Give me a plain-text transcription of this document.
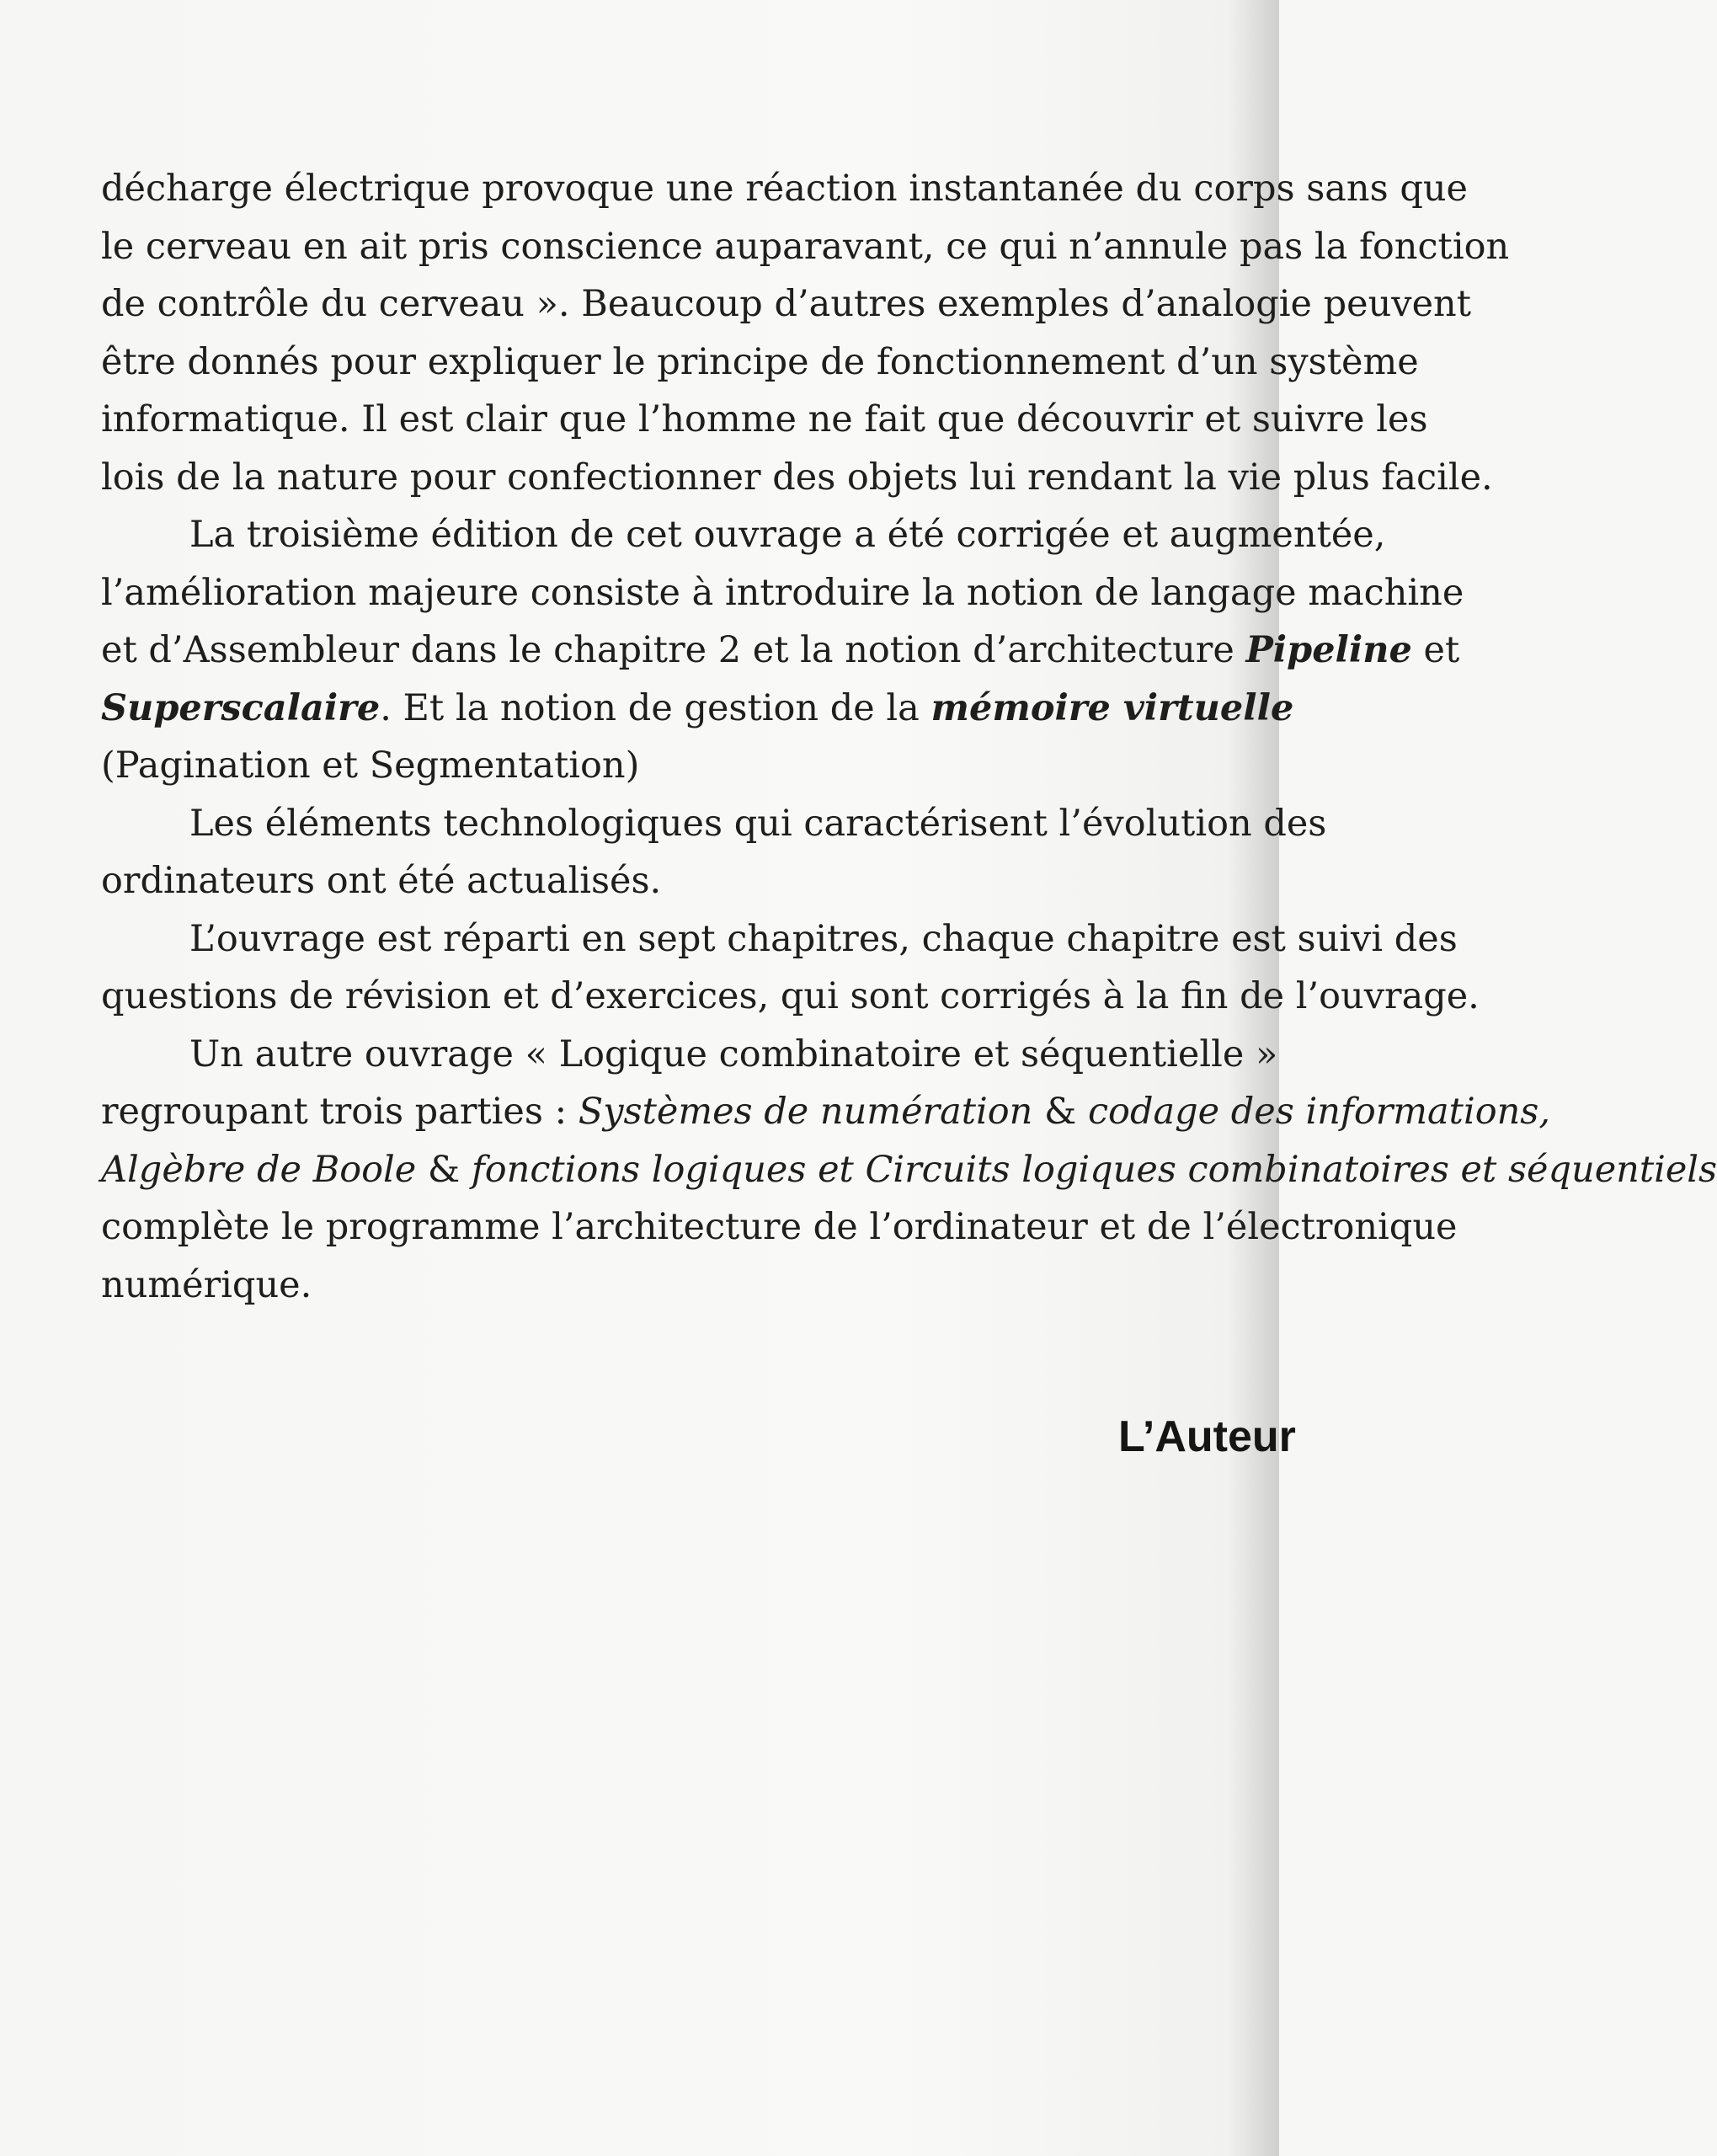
décharge électrique provoque une réaction instantanée du corps sans que
le cerveau en ait pris conscience auparavant, ce qui n’annule pas la fonction
de contrôle du cerveau ». Beaucoup d’autres exemples d’analogie peuvent
être donnés pour expliquer le principe de fonctionnement d’un système
informatique. Il est clair que l’homme ne fait que découvrir et suivre les
lois de la nature pour confectionner des objets lui rendant la vie plus facile.
La troisième édition de cet ouvrage a été corrigée et augmentée,
l’amélioration majeure consiste à introduire la notion de langage machine
et d’Assembleur dans le chapitre 2 et la notion d’architecture Pipeline et
Superscalaire. Et la notion de gestion de la mémoire virtuelle
(Pagination et Segmentation)
Les éléments technologiques qui caractérisent l’évolution des
ordinateurs ont été actualisés.
L’ouvrage est réparti en sept chapitres, chaque chapitre est suivi des
questions de révision et d’exercices, qui sont corrigés à la fin de l’ouvrage.
Un autre ouvrage « Logique combinatoire et séquentielle »
regroupant trois parties : Systèmes de numération & codage des informations,
Algèbre de Boole & fonctions logiques et Circuits logiques combinatoires et séquentiels
complète le programme l’architecture de l’ordinateur et de l’électronique
numérique.
L’Auteur
